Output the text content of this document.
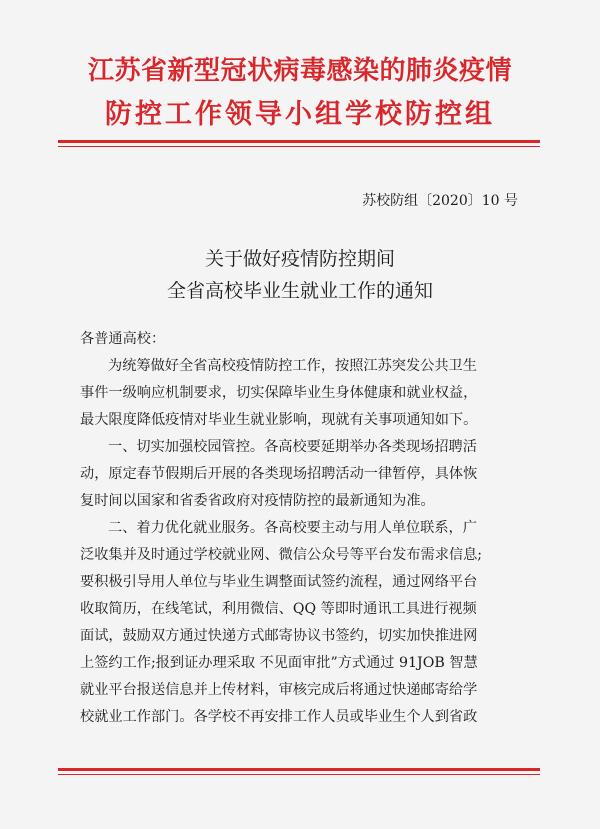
江苏省新型冠状病毒感染的肺炎疫情
防控工作领导小组学校防控组
苏校防组〔2020〕10 号
关于做好疫情防控期间
全省高校毕业生就业工作的通知
各普通高校：
为统筹做好全省高校疫情防控工作，按照江苏突发公共卫生
事件一级响应机制要求，切实保障毕业生身体健康和就业权益，
最大限度降低疫情对毕业生就业影响，现就有关事项通知如下。
一、切实加强校园管控。各高校要延期举办各类现场招聘活
动，原定春节假期后开展的各类现场招聘活动一律暂停，具体恢
复时间以国家和省委省政府对疫情防控的最新通知为准。
二、着力优化就业服务。各高校要主动与用人单位联系，广
泛收集并及时通过学校就业网、微信公众号等平台发布需求信息;
要积极引导用人单位与毕业生调整面试签约流程，通过网络平台
收取简历，在线笔试，利用微信、QQ 等即时通讯工具进行视频
面试，鼓励双方通过快递方式邮寄协议书签约，切实加快推进网
上签约工作;报到证办理采取 不见面审批”方式通过 91JOB 智慧
就业平台报送信息并上传材料，审核完成后将通过快递邮寄给学
校就业工作部门。各学校不再安排工作人员或毕业生个人到省政
